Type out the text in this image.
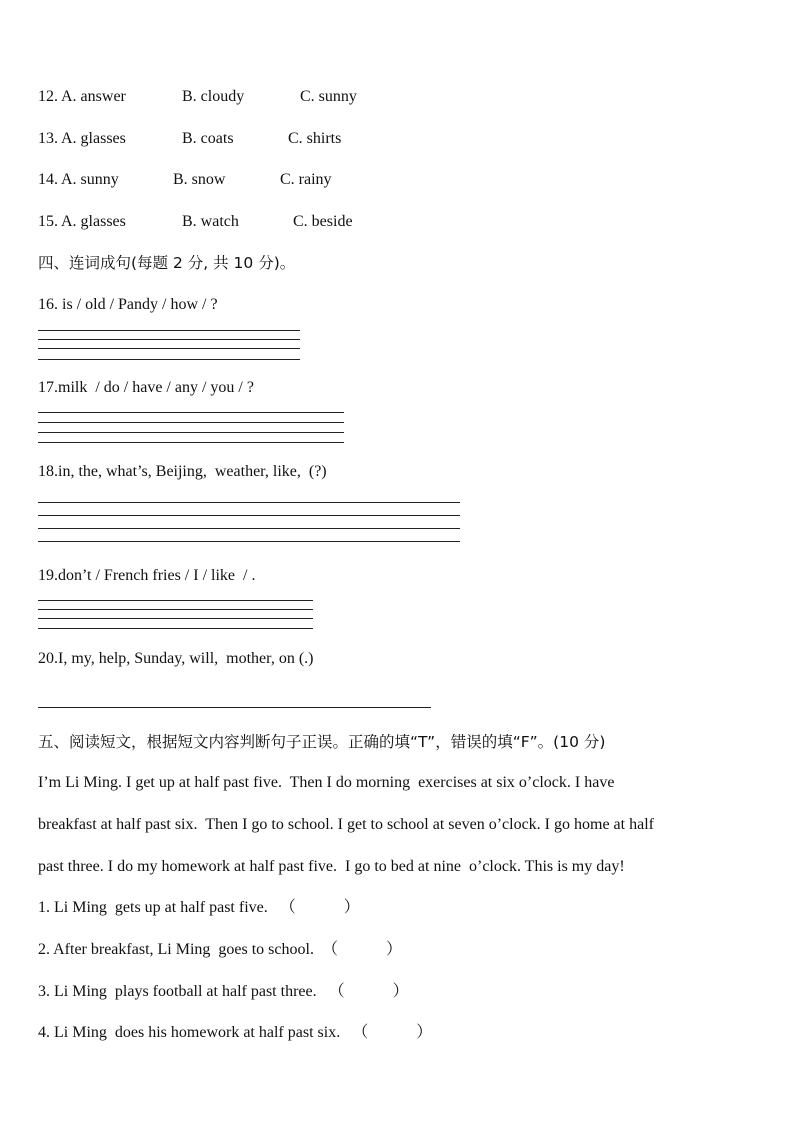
12. A. answer	B. cloudy	C. sunny
13. A. glasses	B. coats	C. shirts
14. A. sunny	B. snow	C. rainy
15. A. glasses	B. watch	C. beside
四、连词成句(每题 2 分, 共 10 分)。
16. is / old / Pandy / how / ?
17.milk  / do / have / any / you / ?
18.in, the, what’s, Beijing,  weather, like,  (?)
19.don’t / French fries / I / like  / .
20.I, my, help, Sunday, will,  mother, on (.)
五、阅读短文，根据短文内容判断句子正误。正确的填“T”，错误的填“F”。(10 分)
I’m Li Ming. I get up at half past five.  Then I do morning  exercises at six o’clock. I have
breakfast at half past six.  Then I go to school. I get to school at seven o’clock. I go home at half
past three. I do my homework at half past five.  I go to bed at nine  o’clock. This is my day!
1. Li Ming  gets up at half past five.   （            ）
2. After breakfast, Li Ming  goes to school.  （            ）
3. Li Ming  plays football at half past three.   （            ）
4. Li Ming  does his homework at half past six.   （            ）
